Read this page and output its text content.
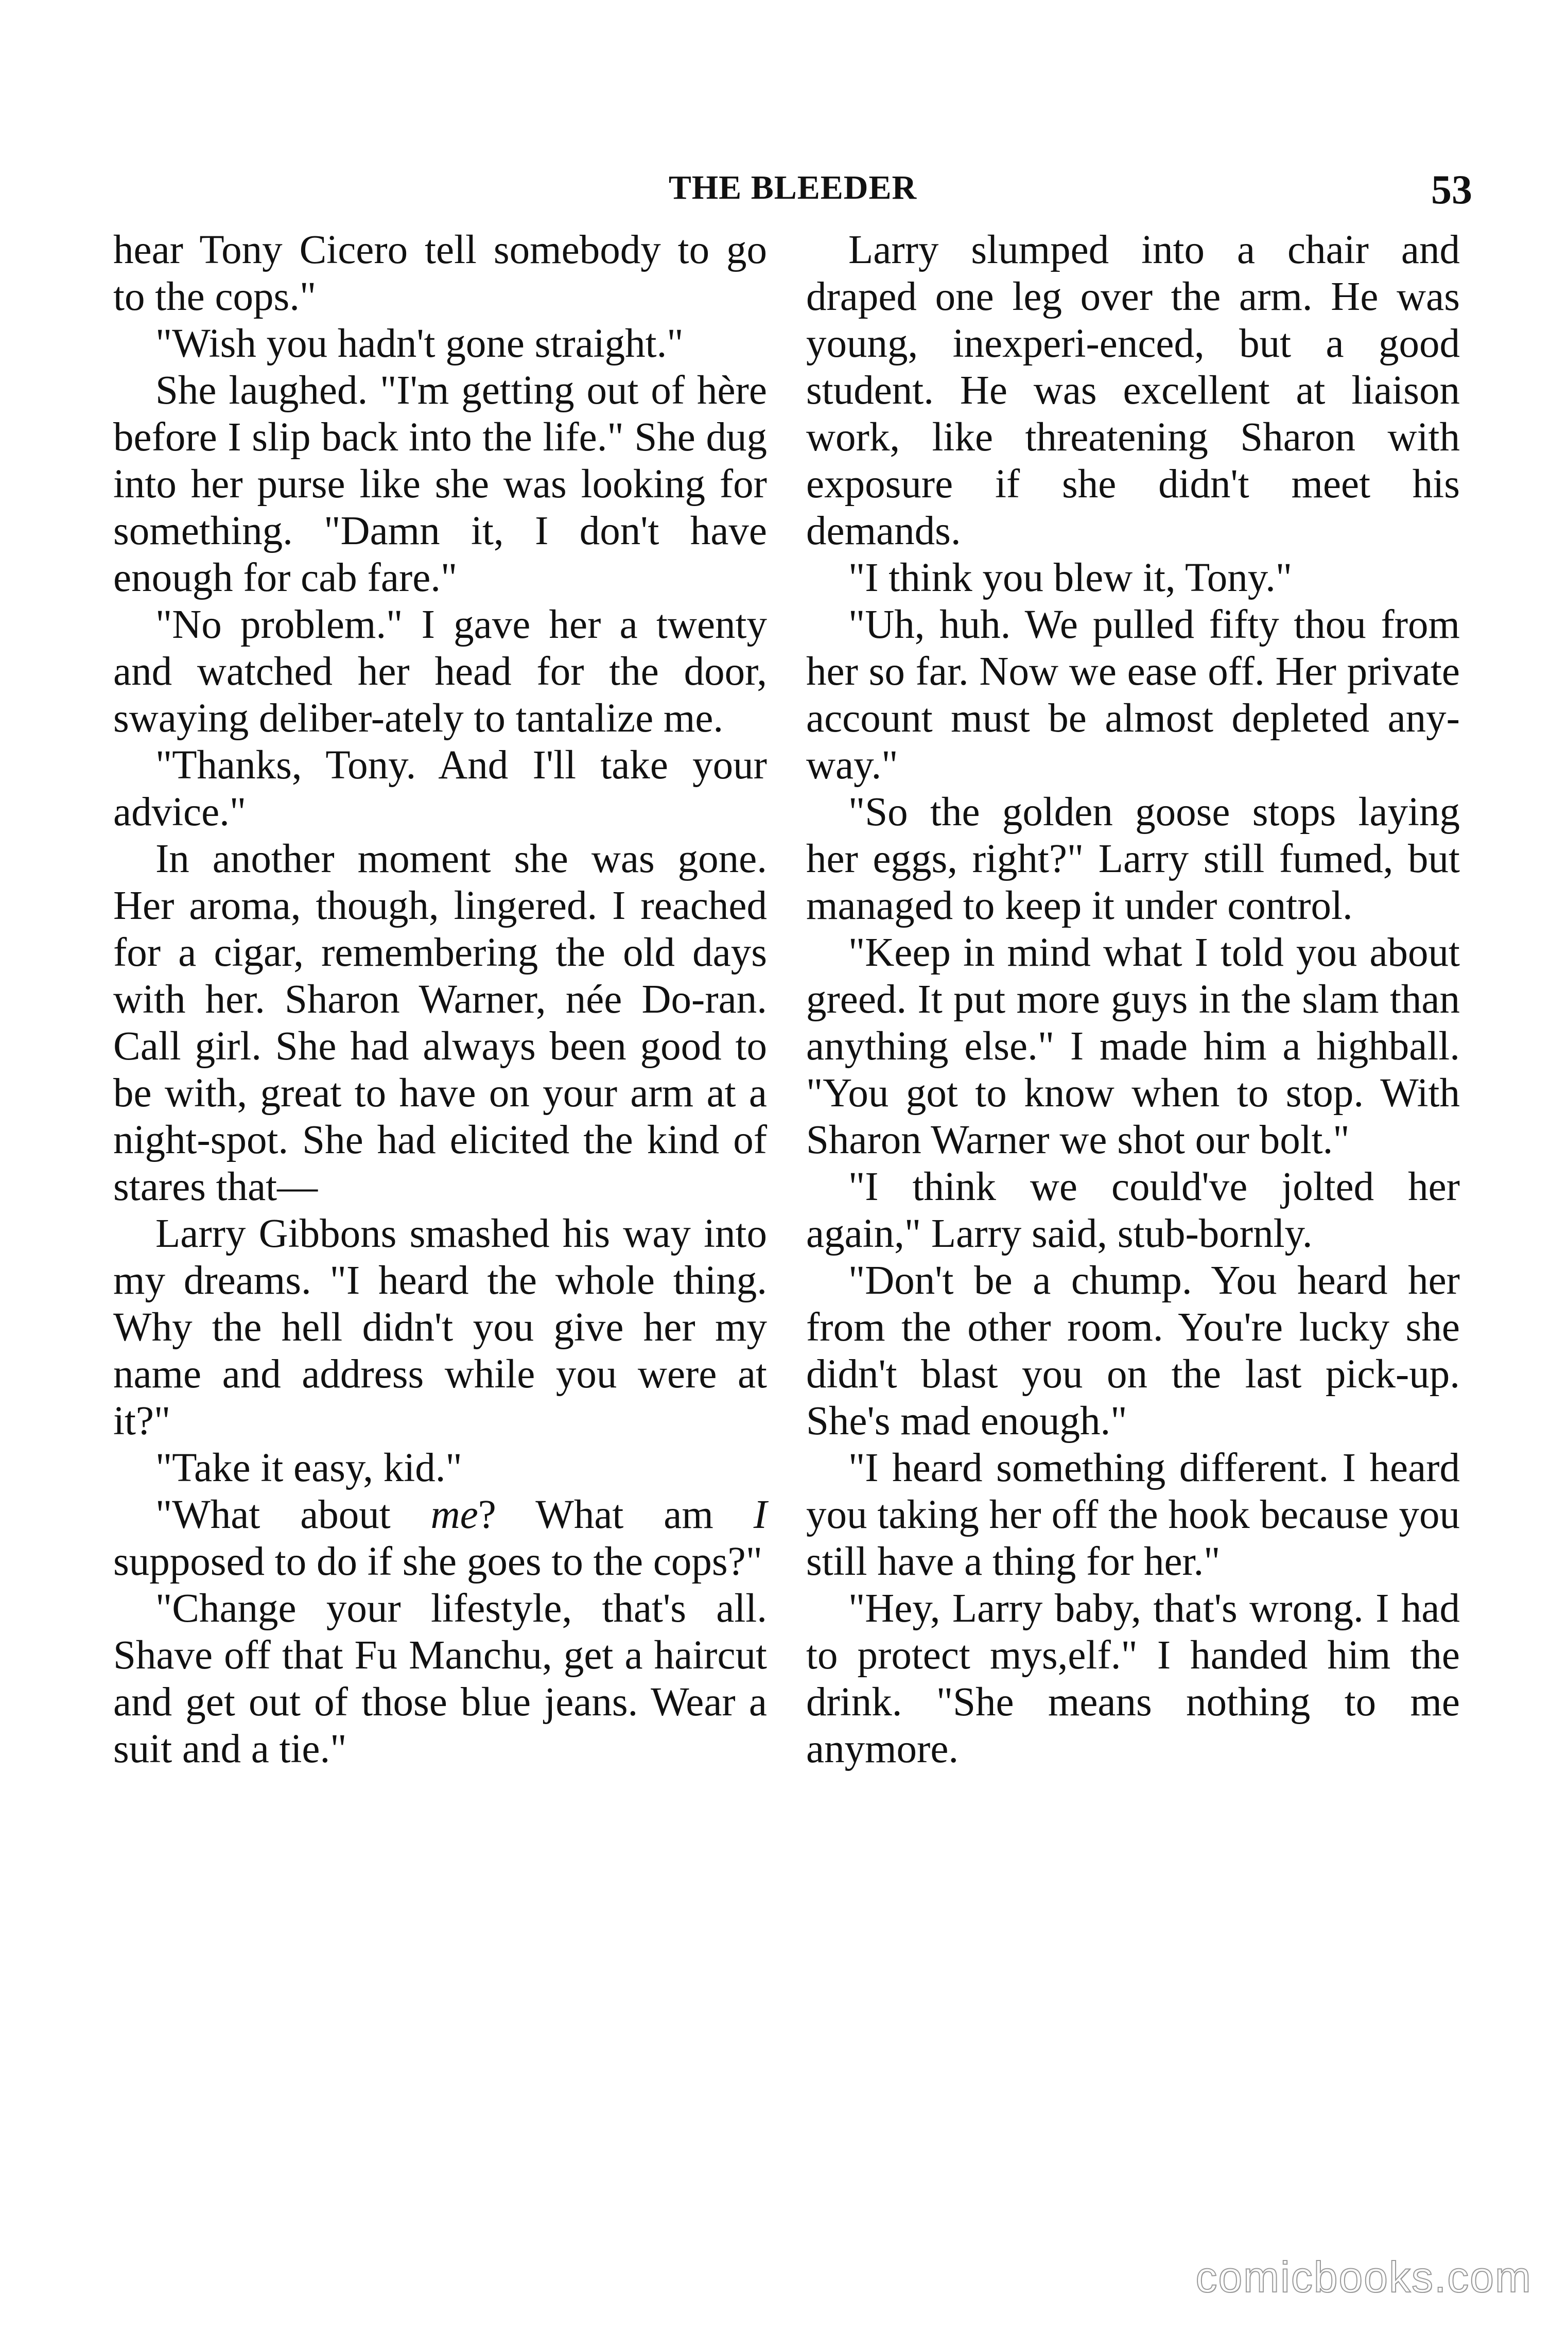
THE BLEEDER	53

hear Tony Cicero tell somebody to go to the cops."

"Wish you hadn't gone straight."

She laughed. "I'm getting out of hère before I slip back into the life." She dug into her purse like she was looking for something. "Damn it, I don't have enough for cab fare."

"No problem." I gave her a twenty and watched her head for the door, swaying deliber-ately to tantalize me.

"Thanks, Tony. And I'll take your advice."

In another moment she was gone. Her aroma, though, lingered. I reached for a cigar, remembering the old days with her. Sharon Warner, née Do-ran. Call girl. She had always been good to be with, great to have on your arm at a night-spot. She had elicited the kind of stares that—

Larry Gibbons smashed his way into my dreams. "I heard the whole thing. Why the hell didn't you give her my name and address while you were at it?"

"Take it easy, kid."

"What about me? What am I supposed to do if she goes to the cops?"

"Change your lifestyle, that's all. Shave off that Fu Manchu, get a haircut and get out of those blue jeans. Wear a suit and a tie."

Larry slumped into a chair and draped one leg over the arm. He was young, inexperi-enced, but a good student. He was excellent at liaison work, like threatening Sharon with exposure if she didn't meet his demands.

"I think you blew it, Tony."

"Uh, huh. We pulled fifty thou from her so far. Now we ease off. Her private account must be almost depleted any-way."

"So the golden goose stops laying her eggs, right?" Larry still fumed, but managed to keep it under control.

"Keep in mind what I told you about greed. It put more guys in the slam than anything else." I made him a highball. "You got to know when to stop. With Sharon Warner we shot our bolt."

"I think we could've jolted her again," Larry said, stub-bornly.

"Don't be a chump. You heard her from the other room. You're lucky she didn't blast you on the last pick-up. She's mad enough."

"I heard something different. I heard you taking her off the hook because you still have a thing for her."

"Hey, Larry baby, that's wrong. I had to protect mys,elf." I handed him the drink. "She means nothing to me anymore.

comicbooks.com
